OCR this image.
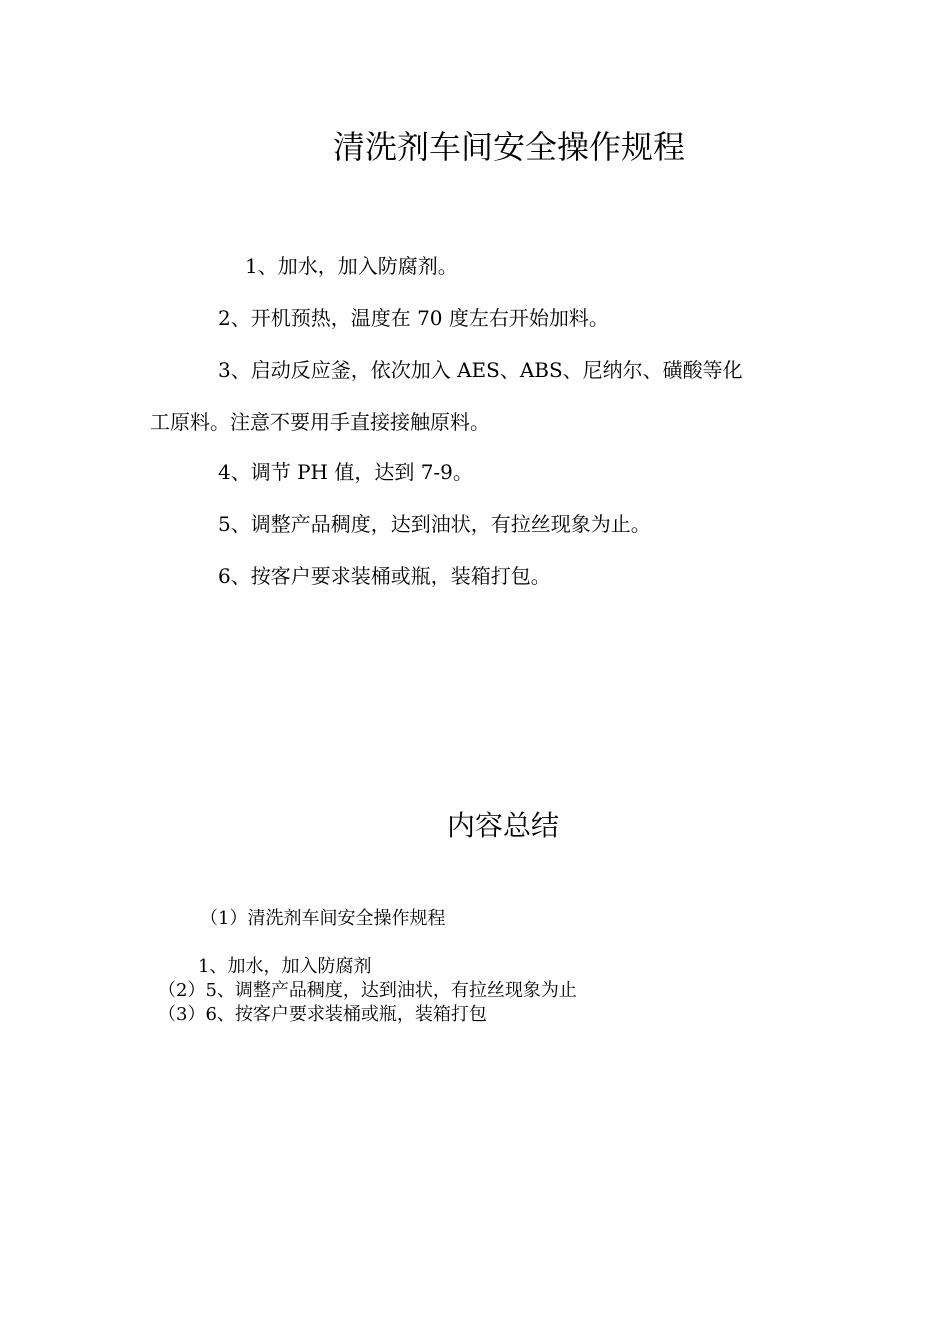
清洗剂车间安全操作规程
1、加水，加入防腐剂。
2、开机预热，温度在 70 度左右开始加料。
3、启动反应釜，依次加入 AES、ABS、尼纳尔、磺酸等化
工原料。注意不要用手直接接触原料。
4、调节 PH 值，达到 7-9。
5、调整产品稠度，达到油状，有拉丝现象为止。
6、按客户要求装桶或瓶，装箱打包。
内容总结
（1）清洗剂车间安全操作规程
1、加水，加入防腐剂
（2）5、调整产品稠度，达到油状，有拉丝现象为止
（3）6、按客户要求装桶或瓶，装箱打包
